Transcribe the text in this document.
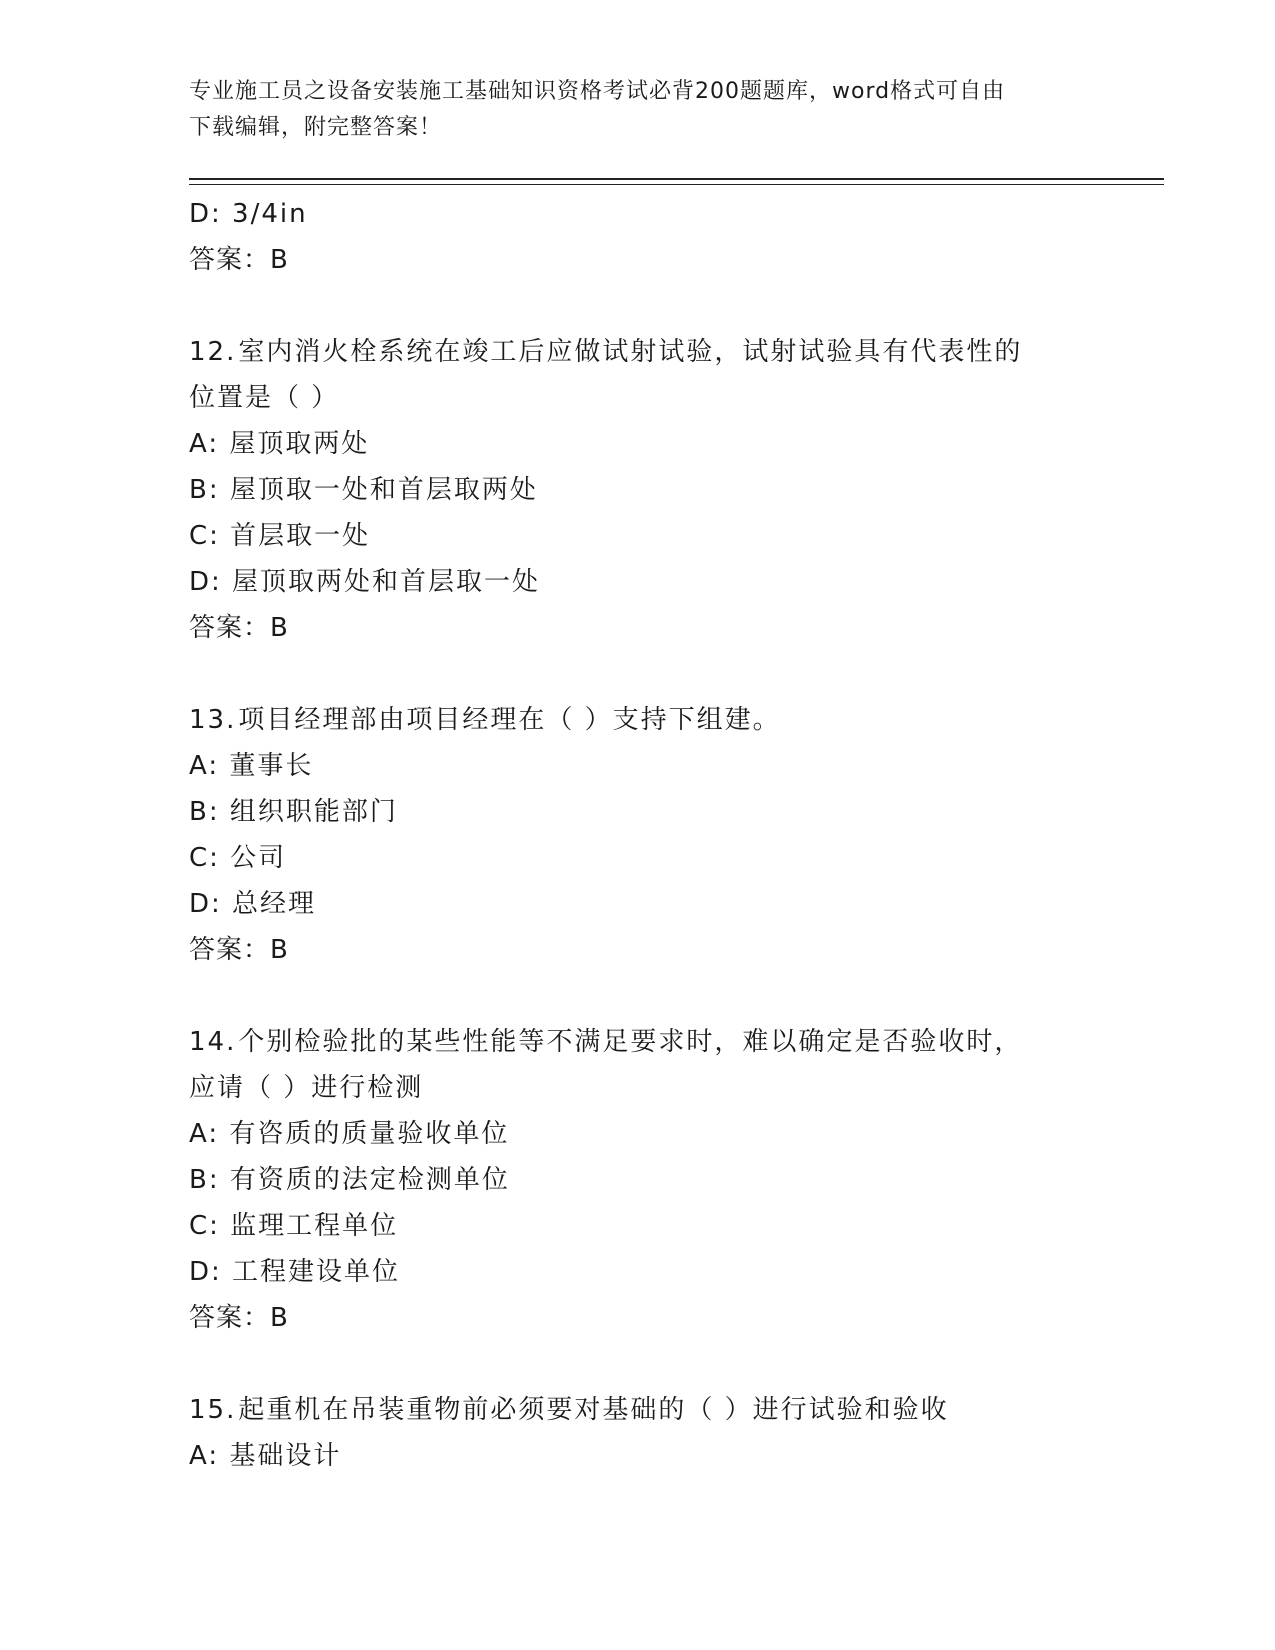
专业施工员之设备安装施工基础知识资格考试必背200题题库，word格式可自由
下载编辑，附完整答案！
D: 3/4in
答案：B
12.室内消火栓系统在竣工后应做试射试验，试射试验具有代表性的位置是（ ）
A: 屋顶取两处
B: 屋顶取一处和首层取两处
C: 首层取一处
D: 屋顶取两处和首层取一处
答案：B
13.项目经理部由项目经理在（ ）支持下组建。
A: 董事长
B: 组织职能部门
C: 公司
D: 总经理
答案：B
14.个别检验批的某些性能等不满足要求时，难以确定是否验收时，应请（ ）进行检测
A: 有咨质的质量验收单位
B: 有资质的法定检测单位
C: 监理工程单位
D: 工程建设单位
答案：B
15.起重机在吊装重物前必须要对基础的（ ）进行试验和验收
A: 基础设计
